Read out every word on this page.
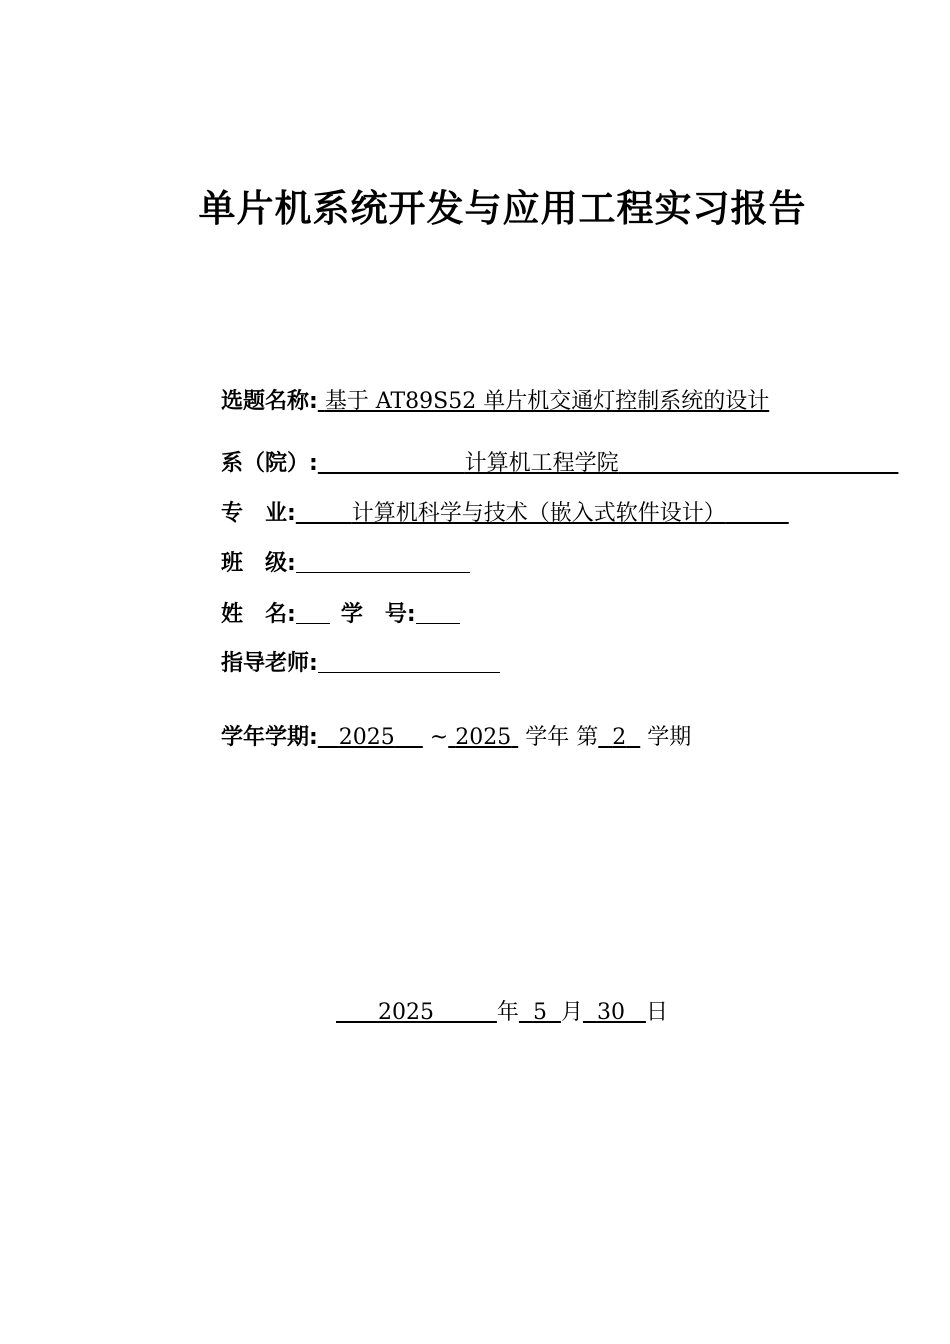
单片机系统开发与应用工程实习报告
选题名称: 基于 AT89S52 单片机交通灯控制系统的设计
系（院）:	计算机工程学院
专　业:	计算机科学与技术（嵌入式软件设计）
班　级:
姓　名: 学　号:
指导老师:
学年学期: 2025 ~ 2025 学年 第 2 学期
2025	年 5 月 30 日
